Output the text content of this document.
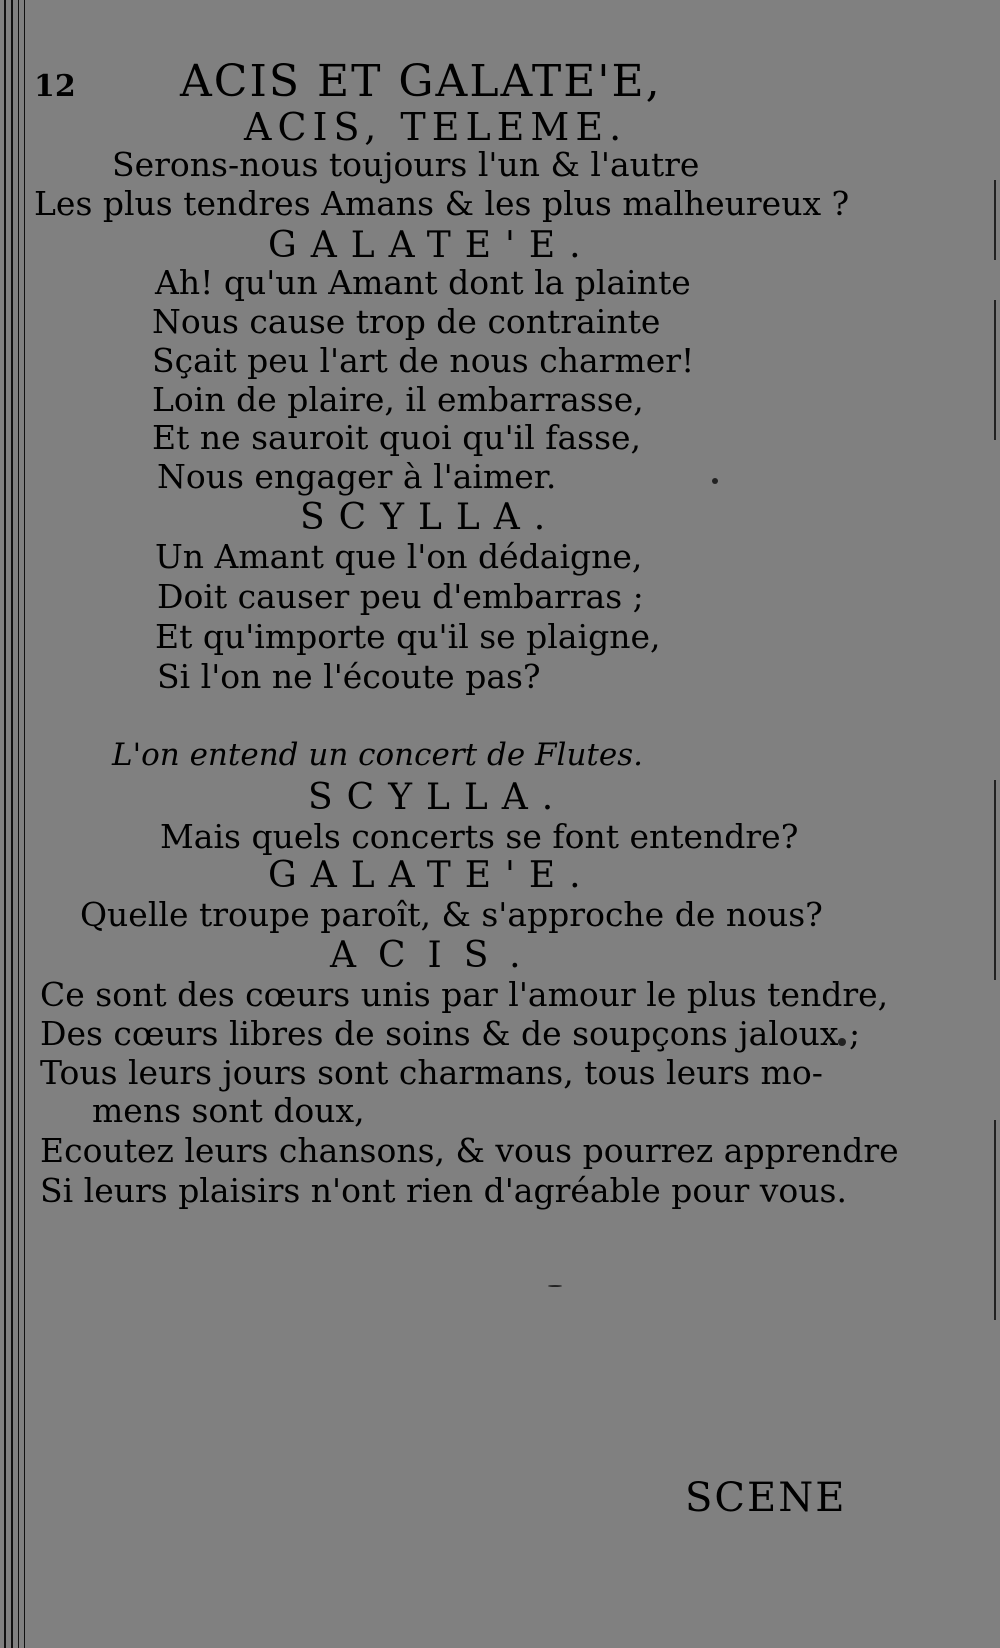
12 ACIS ET GALATE'E,
ACIS, TELEME.
Serons-nous toujours l'un & l'autre
Les plus tendres Amans & les plus malheureux ?
GALATE'E.
Ah! qu'un Amant dont la plainte
Nous cause trop de contrainte
Sçait peu l'art de nous charmer!
Loin de plaire, il embarrasse,
Et ne sauroit quoi qu'il fasse,
Nous engager à l'aimer.
SCYLLA.
Un Amant que l'on dédaigne,
Doit causer peu d'embarras ;
Et qu'importe qu'il se plaigne,
Si l'on ne l'écoute pas?
L'on entend un concert de Flutes.
SCYLLA.
Mais quels concerts se font entendre?
GALATE'E.
Quelle troupe paroît, & s'approche de nous?
ACIS.
Ce sont des cœurs unis par l'amour le plus tendre,
Des cœurs libres de soins & de soupçons jaloux ;
Tous leurs jours sont charmans, tous leurs mo-
mens sont doux,
Ecoutez leurs chansons, & vous pourrez apprendre
Si leurs plaisirs n'ont rien d'agréable pour vous.
SCENE
